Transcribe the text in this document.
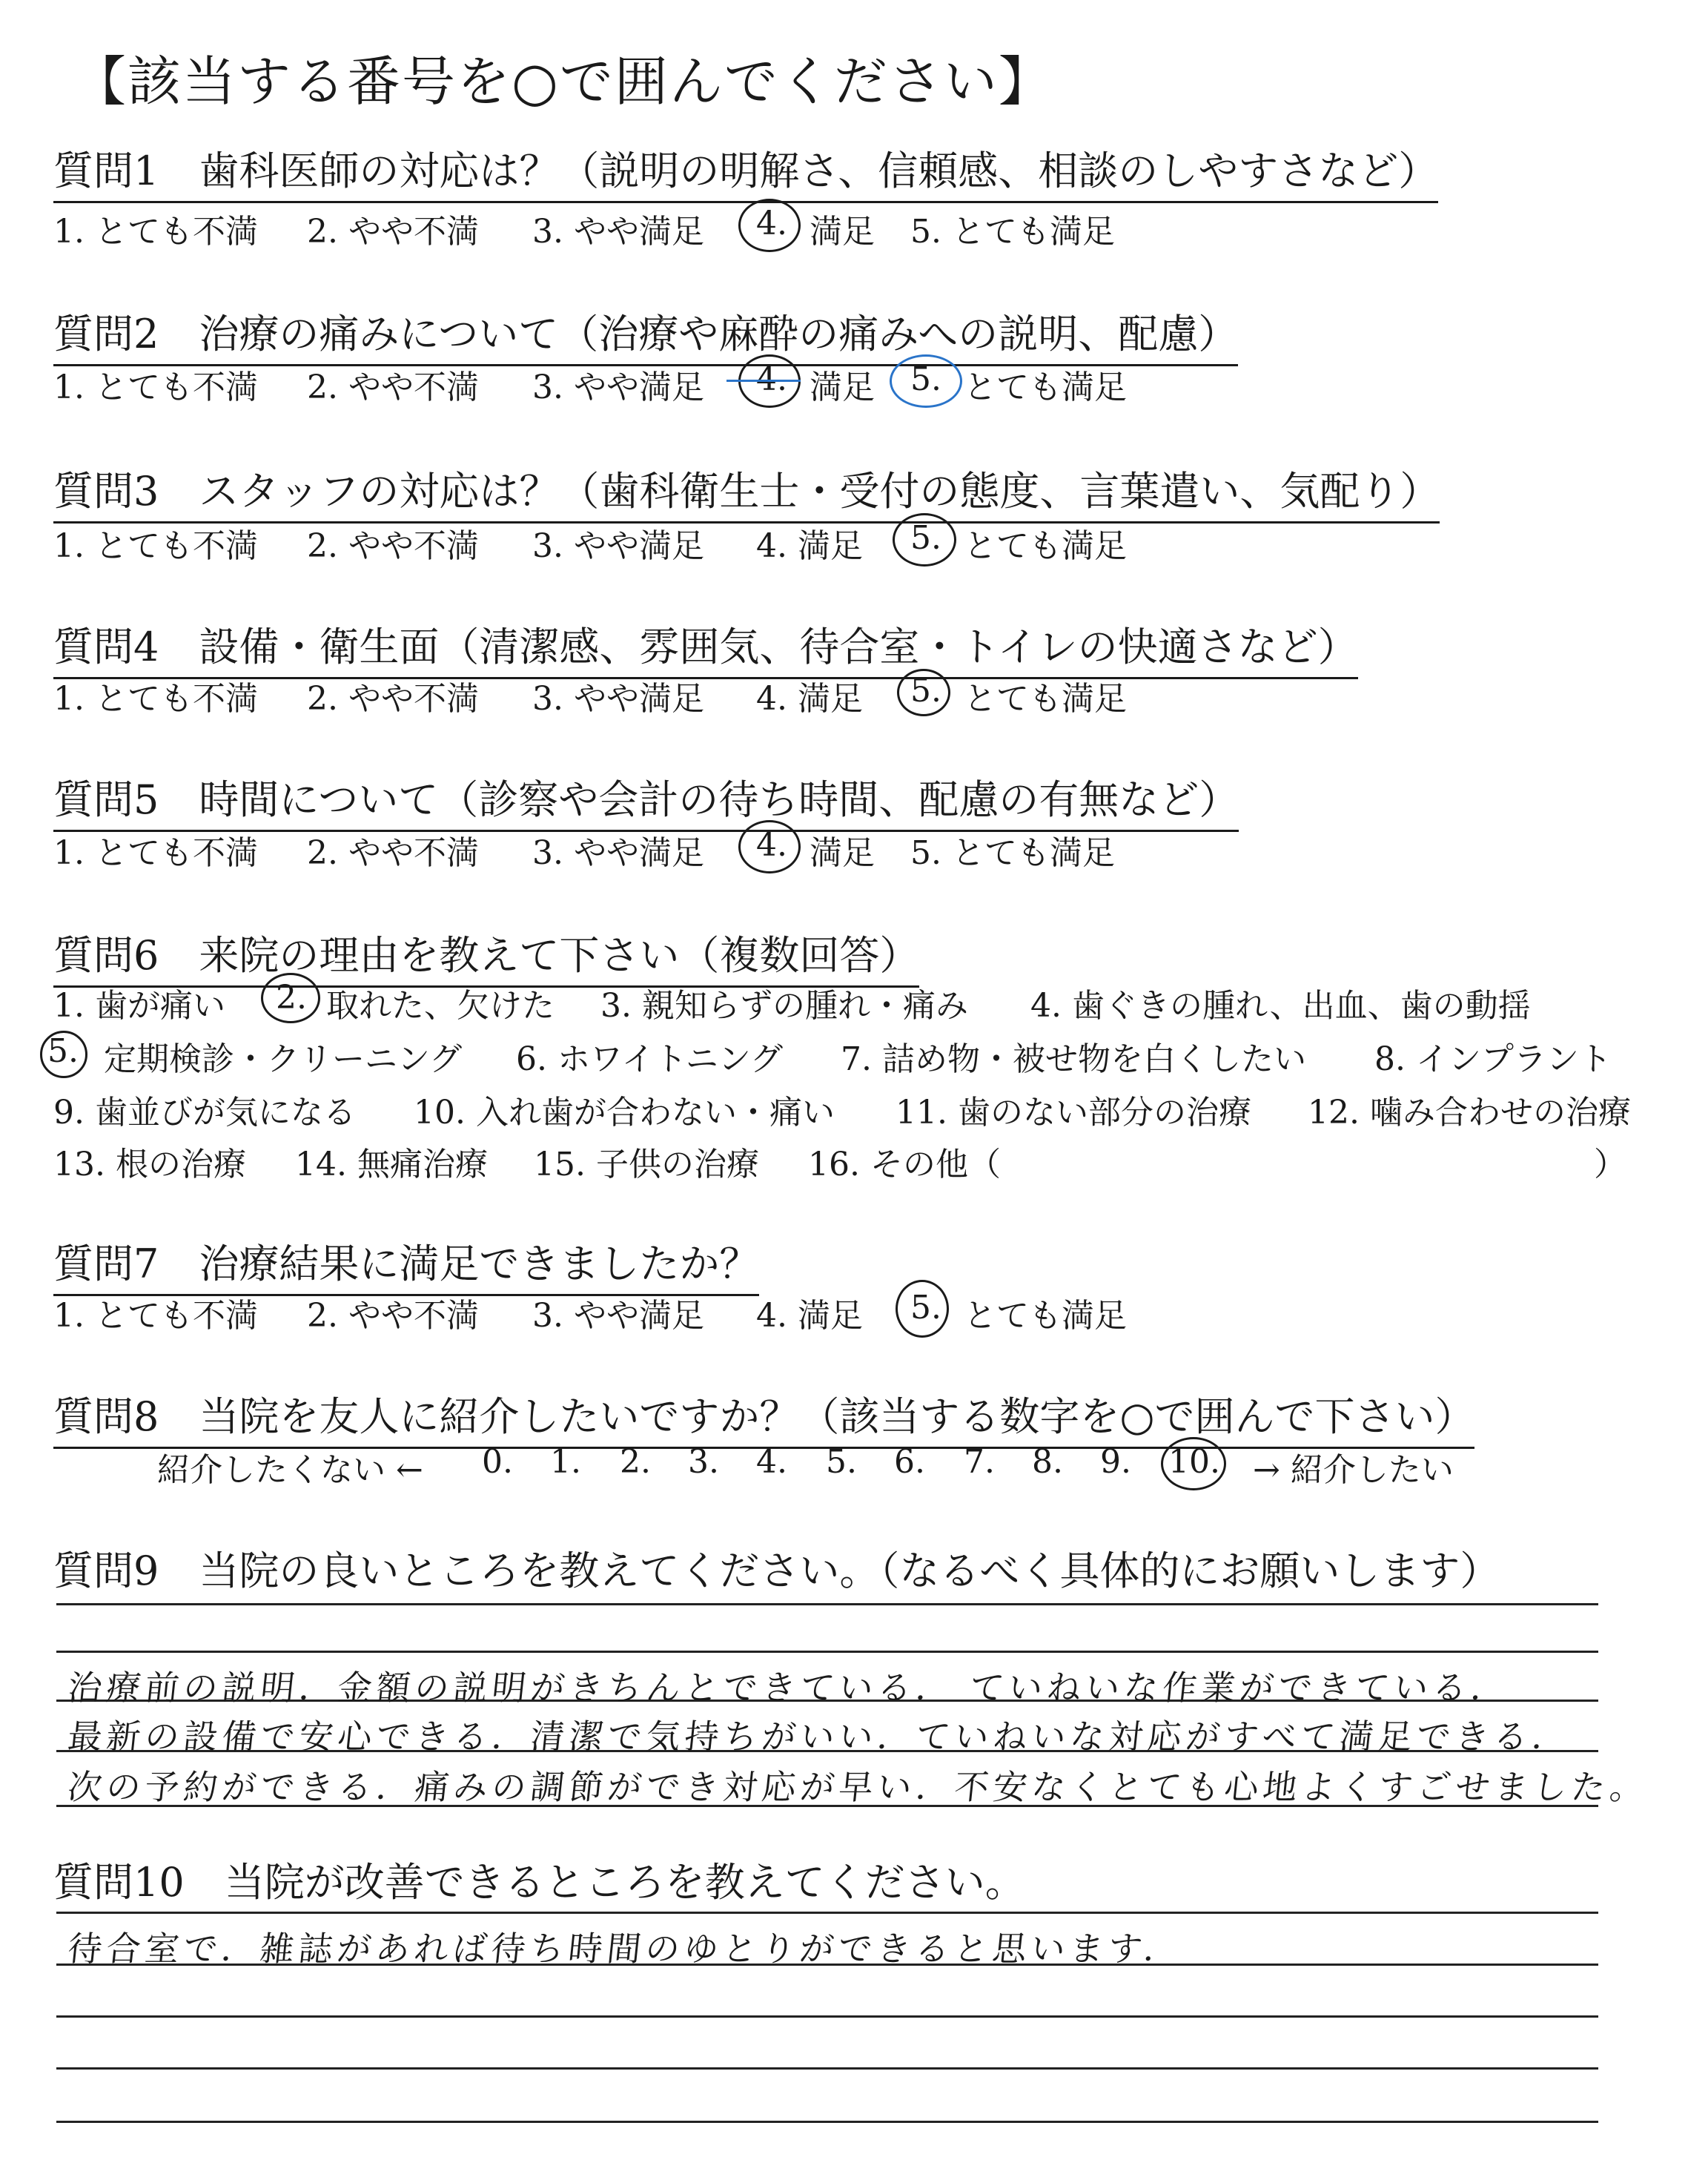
【該当する番号を○で囲んでください】
質問1　歯科医師の対応は？（説明の明解さ、信頼感、相談のしやすさなど）
1. とても不満 2. やや不満 3. やや満足 4. 満足 5. とても満足
質問2　治療の痛みについて（治療や麻酔の痛みへの説明、配慮）
1. とても不満 2. やや不満 3. やや満足 4. 満足 5. とても満足
質問3　スタッフの対応は？（歯科衛生士・受付の態度、言葉遣い、気配り）
1. とても不満 2. やや不満 3. やや満足 4. 満足 5. とても満足
質問4　設備・衛生面（清潔感、雰囲気、待合室・トイレの快適さなど）
1. とても不満 2. やや不満 3. やや満足 4. 満足 5. とても満足
質問5　時間について（診察や会計の待ち時間、配慮の有無など）
1. とても不満 2. やや不満 3. やや満足 4. 満足 5. とても満足
質問6　来院の理由を教えて下さい（複数回答）
1. 歯が痛い 2. 取れた、欠けた 3. 親知らずの腫れ・痛み 4. 歯ぐきの腫れ、出血、歯の動揺
5. 定期検診・クリーニング 6. ホワイトニング 7. 詰め物・被せ物を白くしたい 8. インプラント
9. 歯並びが気になる 10. 入れ歯が合わない・痛い 11. 歯のない部分の治療 12. 噛み合わせの治療
13. 根の治療 14. 無痛治療 15. 子供の治療 16. その他（	）
質問7　治療結果に満足できましたか？
1. とても不満 2. やや不満 3. やや満足 4. 満足 5. とても満足
質問8　当院を友人に紹介したいですか？（該当する数字を○で囲んで下さい）
紹介したくない ← 0. 1. 2. 3. 4. 5. 6. 7. 8. 9. 10. → 紹介したい
質問9　当院の良いところを教えてください。（なるべく具体的にお願いします）
治療前の説明．金額の説明がきちんとできている． ていねいな作業ができている．
最新の設備で安心できる．清潔で気持ちがいい．ていねいな対応がすべて満足できる．
次の予約ができる．痛みの調節ができ対応が早い．不安なくとても心地よくすごせました。
質問10　当院が改善できるところを教えてください。
待合室で．雑誌があれば待ち時間のゆとりができると思います．
